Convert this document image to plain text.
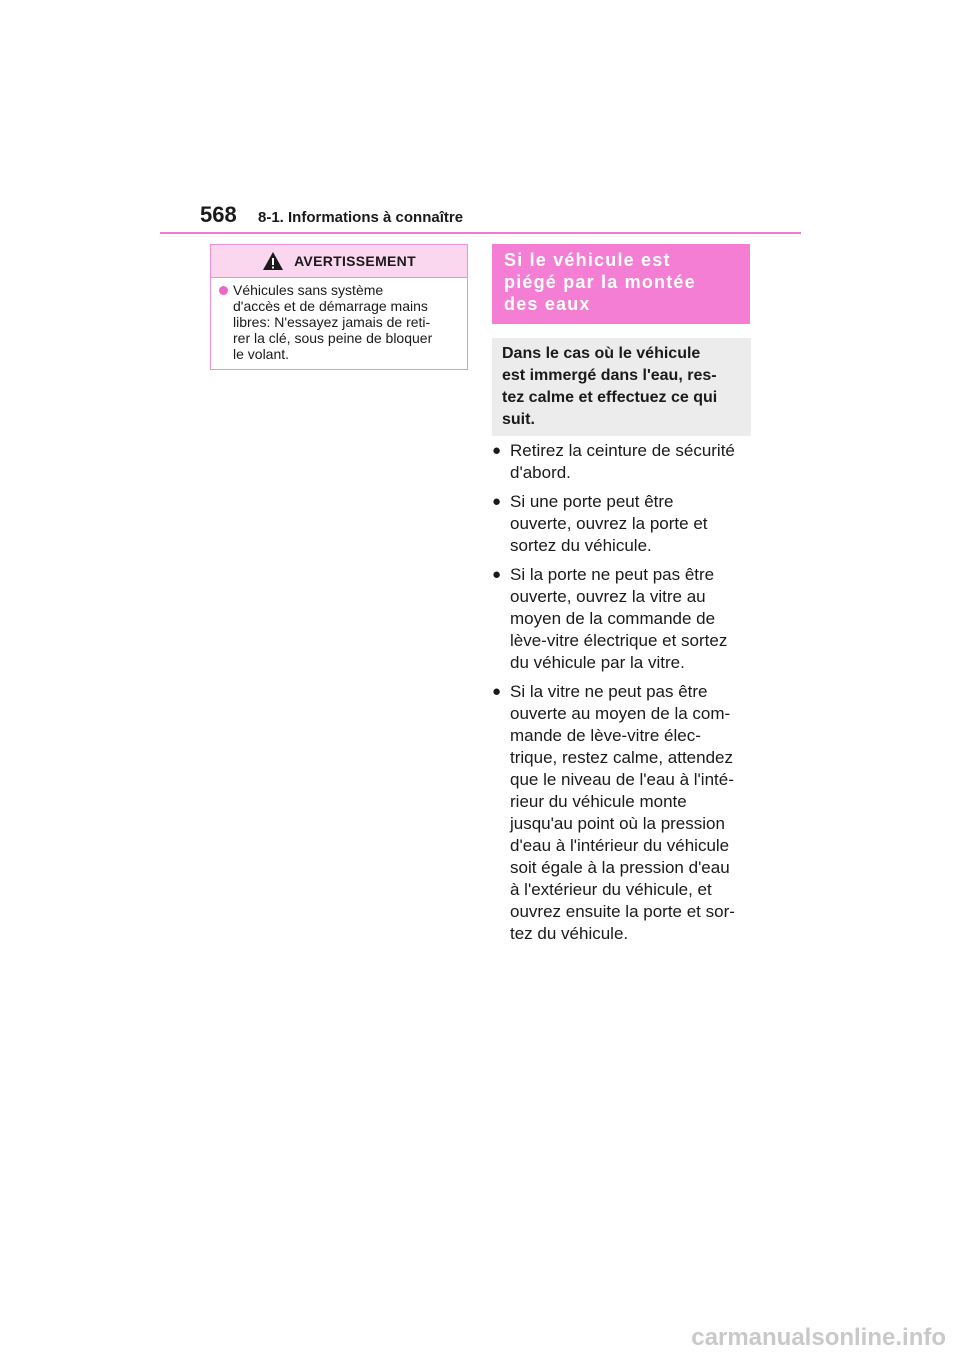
568 8-1. Informations à connaître
AVERTISSEMENT
Véhicules sans système
d'accès et de démarrage mains
libres: N'essayez jamais de reti-
rer la clé, sous peine de bloquer
le volant.
Si le véhicule est
piégé par la montée
des eaux
Dans le cas où le véhicule
est immergé dans l'eau, res-
tez calme et effectuez ce qui
suit.
● Retirez la ceinture de sécurité
d'abord.
● Si une porte peut être
ouverte, ouvrez la porte et
sortez du véhicule.
● Si la porte ne peut pas être
ouverte, ouvrez la vitre au
moyen de la commande de
lève-vitre électrique et sortez
du véhicule par la vitre.
● Si la vitre ne peut pas être
ouverte au moyen de la com-
mande de lève-vitre élec-
trique, restez calme, attendez
que le niveau de l'eau à l'inté-
rieur du véhicule monte
jusqu'au point où la pression
d'eau à l'intérieur du véhicule
soit égale à la pression d'eau
à l'extérieur du véhicule, et
ouvrez ensuite la porte et sor-
tez du véhicule.
carmanualsonline.info
